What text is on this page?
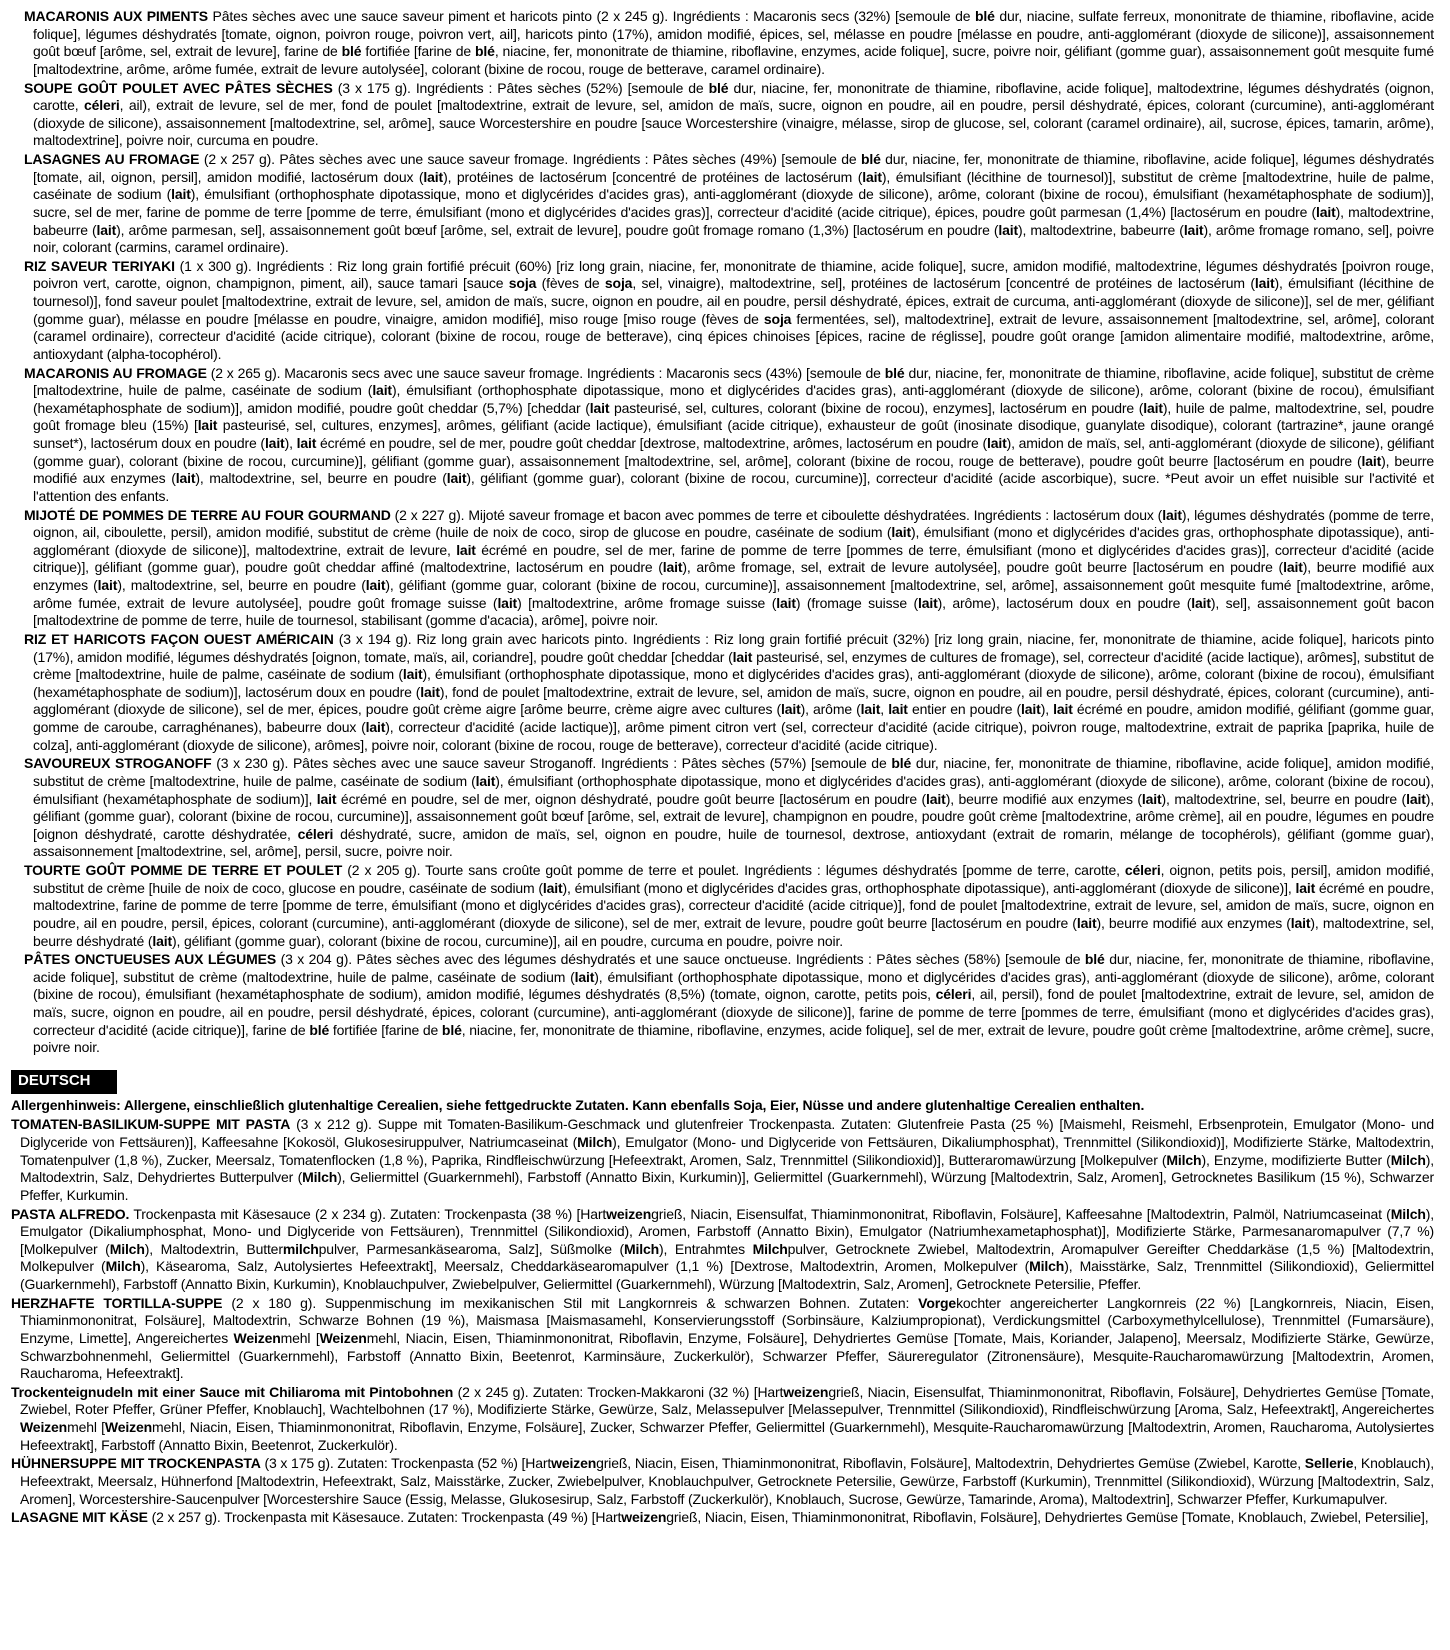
MACARONIS AUX PIMENTS Pâtes sèches avec une sauce saveur piment et haricots pinto (2 x 245 g). Ingrédients : Macaronis secs (32%) [semoule de blé dur, niacine, sulfate ferreux, mononitrate de thiamine, riboflavine, acide folique], légumes déshydratés [tomate, oignon, poivron rouge, poivron vert, ail], haricots pinto (17%), amidon modifié, épices, sel, mélasse en poudre [mélasse en poudre, anti-agglomérant (dioxyde de silicone)], assaisonnement goût bœuf [arôme, sel, extrait de levure], farine de blé fortifiée [farine de blé, niacine, fer, mononitrate de thiamine, riboflavine, enzymes, acide folique], sucre, poivre noir, gélifiant (gomme guar), assaisonnement goût mesquite fumé [maltodextrine, arôme, arôme fumée, extrait de levure autolysée], colorant (bixine de rocou, rouge de betterave, caramel ordinaire).

SOUPE GOÛT POULET AVEC PÂTES SÈCHES (3 x 175 g). Ingrédients : Pâtes sèches (52%) [semoule de blé dur, niacine, fer, mononitrate de thiamine, riboflavine, acide folique], maltodextrine, légumes déshydratés (oignon, carotte, céleri, ail), extrait de levure, sel de mer, fond de poulet [maltodextrine, extrait de levure, sel, amidon de maïs, sucre, oignon en poudre, ail en poudre, persil déshydraté, épices, colorant (curcumine), anti-agglomérant (dioxyde de silicone), assaisonnement [maltodextrine, sel, arôme], sauce Worcestershire en poudre [sauce Worcestershire (vinaigre, mélasse, sirop de glucose, sel, colorant (caramel ordinaire), ail, sucrose, épices, tamarin, arôme), maltodextrine], poivre noir, curcuma en poudre.

LASAGNES AU FROMAGE (2 x 257 g). Pâtes sèches avec une sauce saveur fromage. Ingrédients : Pâtes sèches (49%) [semoule de blé dur, niacine, fer, mononitrate de thiamine, riboflavine, acide folique], légumes déshydratés [tomate, ail, oignon, persil], amidon modifié, lactosérum doux (lait), protéines de lactosérum [concentré de protéines de lactosérum (lait), émulsifiant (lécithine de tournesol)], substitut de crème [maltodextrine, huile de palme, caséinate de sodium (lait), émulsifiant (orthophosphate dipotassique, mono et diglycérides d'acides gras), anti-agglomérant (dioxyde de silicone), arôme, colorant (bixine de rocou), émulsifiant (hexamétaphosphate de sodium)], sucre, sel de mer, farine de pomme de terre [pomme de terre, émulsifiant (mono et diglycérides d'acides gras)], correcteur d'acidité (acide citrique), épices, poudre goût parmesan (1,4%) [lactosérum en poudre (lait), maltodextrine, babeurre (lait), arôme parmesan, sel], assaisonnement goût bœuf [arôme, sel, extrait de levure], poudre goût fromage romano (1,3%) [lactosérum en poudre (lait), maltodextrine, babeurre (lait), arôme fromage romano, sel], poivre noir, colorant (carmins, caramel ordinaire).

RIZ SAVEUR TERIYAKI (1 x 300 g). Ingrédients : Riz long grain fortifié précuit (60%) [riz long grain, niacine, fer, mononitrate de thiamine, acide folique], sucre, amidon modifié, maltodextrine, légumes déshydratés [poivron rouge, poivron vert, carotte, oignon, champignon, piment, ail), sauce tamari [sauce soja (fèves de soja, sel, vinaigre), maltodextrine, sel], protéines de lactosérum [concentré de protéines de lactosérum (lait), émulsifiant (lécithine de tournesol)], fond saveur poulet [maltodextrine, extrait de levure, sel, amidon de maïs, sucre, oignon en poudre, ail en poudre, persil déshydraté, épices, extrait de curcuma, anti-agglomérant (dioxyde de silicone)], sel de mer, gélifiant (gomme guar), mélasse en poudre [mélasse en poudre, vinaigre, amidon modifié], miso rouge [miso rouge (fèves de soja fermentées, sel), maltodextrine], extrait de levure, assaisonnement [maltodextrine, sel, arôme], colorant (caramel ordinaire), correcteur d'acidité (acide citrique), colorant (bixine de rocou, rouge de betterave), cinq épices chinoises [épices, racine de réglisse], poudre goût orange [amidon alimentaire modifié, maltodextrine, arôme, antioxydant (alpha-tocophérol).

MACARONIS AU FROMAGE (2 x 265 g). Macaronis secs avec une sauce saveur fromage. Ingrédients : Macaronis secs (43%) [semoule de blé dur, niacine, fer, mononitrate de thiamine, riboflavine, acide folique], substitut de crème [maltodextrine, huile de palme, caséinate de sodium (lait), émulsifiant (orthophosphate dipotassique, mono et diglycérides d'acides gras), anti-agglomérant (dioxyde de silicone), arôme, colorant (bixine de rocou), émulsifiant (hexamétaphosphate de sodium)], amidon modifié, poudre goût cheddar (5,7%) [cheddar (lait pasteurisé, sel, cultures, colorant (bixine de rocou), enzymes], lactosérum en poudre (lait), huile de palme, maltodextrine, sel, poudre goût fromage bleu (15%) [lait pasteurisé, sel, cultures, enzymes], arômes, gélifiant (acide lactique), émulsifiant (acide citrique), exhausteur de goût (inosinate disodique, guanylate disodique), colorant (tartrazine*, jaune orangé sunset*), lactosérum doux en poudre (lait), lait écrémé en poudre, sel de mer, poudre goût cheddar [dextrose, maltodextrine, arômes, lactosérum en poudre (lait), amidon de maïs, sel, anti-agglomérant (dioxyde de silicone), gélifiant (gomme guar), colorant (bixine de rocou, curcumine)], gélifiant (gomme guar), assaisonnement [maltodextrine, sel, arôme], colorant (bixine de rocou, rouge de betterave), poudre goût beurre [lactosérum en poudre (lait), beurre modifié aux enzymes (lait), maltodextrine, sel, beurre en poudre (lait), gélifiant (gomme guar), colorant (bixine de rocou, curcumine)], correcteur d'acidité (acide ascorbique), sucre. *Peut avoir un effet nuisible sur l'activité et l'attention des enfants.

MIJOTÉ DE POMMES DE TERRE AU FOUR GOURMAND (2 x 227 g). Mijoté saveur fromage et bacon avec pommes de terre et ciboulette déshydratées. Ingrédients : lactosérum doux (lait), légumes déshydratés (pomme de terre, oignon, ail, ciboulette, persil), amidon modifié, substitut de crème (huile de noix de coco, sirop de glucose en poudre, caséinate de sodium (lait), émulsifiant (mono et diglycérides d'acides gras, orthophosphate dipotassique), anti-agglomérant (dioxyde de silicone)], maltodextrine, extrait de levure, lait écrémé en poudre, sel de mer, farine de pomme de terre [pommes de terre, émulsifiant (mono et diglycérides d'acides gras)], correcteur d'acidité (acide citrique)], gélifiant (gomme guar), poudre goût cheddar affiné (maltodextrine, lactosérum en poudre (lait), arôme fromage, sel, extrait de levure autolysée], poudre goût beurre [lactosérum en poudre (lait), beurre modifié aux enzymes (lait), maltodextrine, sel, beurre en poudre (lait), gélifiant (gomme guar, colorant (bixine de rocou, curcumine)], assaisonnement [maltodextrine, sel, arôme], assaisonnement goût mesquite fumé [maltodextrine, arôme, arôme fumée, extrait de levure autolysée], poudre goût fromage suisse (lait) [maltodextrine, arôme fromage suisse (lait) (fromage suisse (lait), arôme), lactosérum doux en poudre (lait), sel], assaisonnement goût bacon [maltodextrine de pomme de terre, huile de tournesol, stabilisant (gomme d'acacia), arôme], poivre noir.

RIZ ET HARICOTS FAÇON OUEST AMÉRICAIN (3 x 194 g). Riz long grain avec haricots pinto. Ingrédients : Riz long grain fortifié précuit (32%) [riz long grain, niacine, fer, mononitrate de thiamine, acide folique], haricots pinto (17%), amidon modifié, légumes déshydratés [oignon, tomate, maïs, ail, coriandre], poudre goût cheddar [cheddar (lait pasteurisé, sel, enzymes de cultures de fromage), sel, correcteur d'acidité (acide lactique), arômes], substitut de crème [maltodextrine, huile de palme, caséinate de sodium (lait), émulsifiant (orthophosphate dipotassique, mono et diglycérides d'acides gras), anti-agglomérant (dioxyde de silicone), arôme, colorant (bixine de rocou), émulsifiant (hexamétaphosphate de sodium)], lactosérum doux en poudre (lait), fond de poulet [maltodextrine, extrait de levure, sel, amidon de maïs, sucre, oignon en poudre, ail en poudre, persil déshydraté, épices, colorant (curcumine), anti-agglomérant (dioxyde de silicone), sel de mer, épices, poudre goût crème aigre [arôme beurre, crème aigre avec cultures (lait), arôme (lait, lait entier en poudre (lait), lait écrémé en poudre, amidon modifié, gélifiant (gomme guar, gomme de caroube, carraghénanes), babeurre doux (lait), correcteur d'acidité (acide lactique)], arôme piment citron vert (sel, correcteur d'acidité (acide citrique), poivron rouge, maltodextrine, extrait de paprika [paprika, huile de colza], anti-agglomérant (dioxyde de silicone), arômes], poivre noir, colorant (bixine de rocou, rouge de betterave), correcteur d'acidité (acide citrique).

SAVOUREUX STROGANOFF (3 x 230 g). Pâtes sèches avec une sauce saveur Stroganoff. Ingrédients : Pâtes sèches (57%) [semoule de blé dur, niacine, fer, mononitrate de thiamine, riboflavine, acide folique], amidon modifié, substitut de crème [maltodextrine, huile de palme, caséinate de sodium (lait), émulsifiant (orthophosphate dipotassique, mono et diglycérides d'acides gras), anti-agglomérant (dioxyde de silicone), arôme, colorant (bixine de rocou), émulsifiant (hexamétaphosphate de sodium)], lait écrémé en poudre, sel de mer, oignon déshydraté, poudre goût beurre [lactosérum en poudre (lait), beurre modifié aux enzymes (lait), maltodextrine, sel, beurre en poudre (lait), gélifiant (gomme guar), colorant (bixine de rocou, curcumine)], assaisonnement goût bœuf [arôme, sel, extrait de levure], champignon en poudre, poudre goût crème [maltodextrine, arôme crème], ail en poudre, légumes en poudre [oignon déshydraté, carotte déshydratée, céleri déshydraté, sucre, amidon de maïs, sel, oignon en poudre, huile de tournesol, dextrose, antioxydant (extrait de romarin, mélange de tocophérols), gélifiant (gomme guar), assaisonnement [maltodextrine, sel, arôme], persil, sucre, poivre noir.

TOURTE GOÛT POMME DE TERRE ET POULET (2 x 205 g). Tourte sans croûte goût pomme de terre et poulet. Ingrédients : légumes déshydratés [pomme de terre, carotte, céleri, oignon, petits pois, persil], amidon modifié, substitut de crème [huile de noix de coco, glucose en poudre, caséinate de sodium (lait), émulsifiant (mono et diglycérides d'acides gras, orthophosphate dipotassique), anti-agglomérant (dioxyde de silicone)], lait écrémé en poudre, maltodextrine, farine de pomme de terre [pomme de terre, émulsifiant (mono et diglycérides d'acides gras), correcteur d'acidité (acide citrique)], fond de poulet [maltodextrine, extrait de levure, sel, amidon de maïs, sucre, oignon en poudre, ail en poudre, persil, épices, colorant (curcumine), anti-agglomérant (dioxyde de silicone), sel de mer, extrait de levure, poudre goût beurre [lactosérum en poudre (lait), beurre modifié aux enzymes (lait), maltodextrine, sel, beurre déshydraté (lait), gélifiant (gomme guar), colorant (bixine de rocou, curcumine)], ail en poudre, curcuma en poudre, poivre noir.

PÂTES ONCTUEUSES AUX LÉGUMES (3 x 204 g). Pâtes sèches avec des légumes déshydratés et une sauce onctueuse. Ingrédients : Pâtes sèches (58%) [semoule de blé dur, niacine, fer, mononitrate de thiamine, riboflavine, acide folique], substitut de crème (maltodextrine, huile de palme, caséinate de sodium (lait), émulsifiant (orthophosphate dipotassique, mono et diglycérides d'acides gras), anti-agglomérant (dioxyde de silicone), arôme, colorant (bixine de rocou), émulsifiant (hexamétaphosphate de sodium), amidon modifié, légumes déshydratés (8,5%) (tomate, oignon, carotte, petits pois, céleri, ail, persil), fond de poulet [maltodextrine, extrait de levure, sel, amidon de maïs, sucre, oignon en poudre, ail en poudre, persil déshydraté, épices, colorant (curcumine), anti-agglomérant (dioxyde de silicone)], farine de pomme de terre [pommes de terre, émulsifiant (mono et diglycérides d'acides gras), correcteur d'acidité (acide citrique)], farine de blé fortifiée [farine de blé, niacine, fer, mononitrate de thiamine, riboflavine, enzymes, acide folique], sel de mer, extrait de levure, poudre goût crème [maltodextrine, arôme crème], sucre, poivre noir.

DEUTSCH

Allergenhinweis: Allergene, einschließlich glutenhaltige Cerealien, siehe fettgedruckte Zutaten. Kann ebenfalls Soja, Eier, Nüsse und andere glutenhaltige Cerealien enthalten.

TOMATEN-BASILIKUM-SUPPE MIT PASTA (3 x 212 g). Suppe mit Tomaten-Basilikum-Geschmack und glutenfreier Trockenpasta. Zutaten: Glutenfreie Pasta (25 %) [Maismehl, Reismehl, Erbsenprotein, Emulgator (Mono- und Diglyceride von Fettsäuren)], Kaffeesahne [Kokosöl, Glukosesiruppulver, Natriumcaseinat (Milch), Emulgator (Mono- und Diglyceride von Fettsäuren, Dikaliumphosphat), Trennmittel (Silikondioxid)], Modifizierte Stärke, Maltodextrin, Tomatenpulver (1,8 %), Zucker, Meersalz, Tomatenflocken (1,8 %), Paprika, Rindfleischwürzung [Hefeextrakt, Aromen, Salz, Trennmittel (Silikondioxid)], Butteraromawürzung [Molkepulver (Milch), Enzyme, modifizierte Butter (Milch), Maltodextrin, Salz, Dehydriertes Butterpulver (Milch), Geliermittel (Guarkernmehl), Farbstoff (Annatto Bixin, Kurkumin)], Geliermittel (Guarkernmehl), Würzung [Maltodextrin, Salz, Aromen], Getrocknetes Basilikum (15 %), Schwarzer Pfeffer, Kurkumin.

PASTA ALFREDO. Trockenpasta mit Käsesauce (2 x 234 g). Zutaten: Trockenpasta (38 %) [Hartweizengrieß, Niacin, Eisensulfat, Thiaminmononitrat, Riboflavin, Folsäure], Kaffeesahne [Maltodextrin, Palmöl, Natriumcaseinat (Milch), Emulgator (Dikaliumphosphat, Mono- und Diglyceride von Fettsäuren), Trennmittel (Silikondioxid), Aromen, Farbstoff (Annatto Bixin), Emulgator (Natriumhexametaphosphat)], Modifizierte Stärke, Parmesanaromapulver (7,7 %) [Molkepulver (Milch), Maltodextrin, Buttermilchpulver, Parmesankäsearoma, Salz], Süßmolke (Milch), Entrahmtes Milchpulver, Getrocknete Zwiebel, Maltodextrin, Aromapulver Gereifter Cheddarkäse (1,5 %) [Maltodextrin, Molkepulver (Milch), Käsearoma, Salz, Autolysiertes Hefeextrakt], Meersalz, Cheddarkäsearomapulver (1,1 %) [Dextrose, Maltodextrin, Aromen, Molkepulver (Milch), Maisstärke, Salz, Trennmittel (Silikondioxid), Geliermittel (Guarkernmehl), Farbstoff (Annatto Bixin, Kurkumin), Knoblauchpulver, Zwiebelpulver, Geliermittel (Guarkernmehl), Würzung [Maltodextrin, Salz, Aromen], Getrocknete Petersilie, Pfeffer.

HERZHAFTE TORTILLA-SUPPE (2 x 180 g). Suppenmischung im mexikanischen Stil mit Langkornreis & schwarzen Bohnen. Zutaten: Vorgekochter angereicherter Langkornreis (22 %) [Langkornreis, Niacin, Eisen, Thiaminmononitrat, Folsäure], Maltodextrin, Schwarze Bohnen (19 %), Maismasa [Maismasamehl, Konservierungsstoff (Sorbinsäure, Kalziumpropionat), Verdickungsmittel (Carboxymethylcellulose), Trennmittel (Fumarsäure), Enzyme, Limette], Angereichertes Weizenmehl [Weizenmehl, Niacin, Eisen, Thiaminmononitrat, Riboflavin, Enzyme, Folsäure], Dehydriertes Gemüse [Tomate, Mais, Koriander, Jalapeno], Meersalz, Modifizierte Stärke, Gewürze, Schwarzbohnenmehl, Geliermittel (Guarkernmehl), Farbstoff (Annatto Bixin, Beetenrot, Karminsäure, Zuckerkulör), Schwarzer Pfeffer, Säureregulator (Zitronensäure), Mesquite-Raucharomawürzung [Maltodextrin, Aromen, Raucharoma, Hefeextrakt].

Trockenteignudeln mit einer Sauce mit Chiliaroma mit Pintobohnen (2 x 245 g). Zutaten: Trocken-Makkaroni (32 %) [Hartweizengrieß, Niacin, Eisensulfat, Thiaminmononitrat, Riboflavin, Folsäure], Dehydriertes Gemüse [Tomate, Zwiebel, Roter Pfeffer, Grüner Pfeffer, Knoblauch], Wachtelbohnen (17 %), Modifizierte Stärke, Gewürze, Salz, Melassepulver [Melassepulver, Trennmittel (Silikondioxid), Rindfleischwürzung [Aroma, Salz, Hefeextrakt], Angereichertes Weizenmehl [Weizenmehl, Niacin, Eisen, Thiaminmononitrat, Riboflavin, Enzyme, Folsäure], Zucker, Schwarzer Pfeffer, Geliermittel (Guarkernmehl), Mesquite-Raucharomawürzung [Maltodextrin, Aromen, Raucharoma, Autolysiertes Hefeextrakt], Farbstoff (Annatto Bixin, Beetenrot, Zuckerkulör).

HÜHNERSUPPE MIT TROCKENPASTA (3 x 175 g). Zutaten: Trockenpasta (52 %) [Hartweizengrieß, Niacin, Eisen, Thiaminmononitrat, Riboflavin, Folsäure], Maltodextrin, Dehydriertes Gemüse (Zwiebel, Karotte, Sellerie, Knoblauch), Hefeextrakt, Meersalz, Hühnerfond [Maltodextrin, Hefeextrakt, Salz, Maisstärke, Zucker, Zwiebelpulver, Knoblauchpulver, Getrocknete Petersilie, Gewürze, Farbstoff (Kurkumin), Trennmittel (Silikondioxid), Würzung [Maltodextrin, Salz, Aromen], Worcestershire-Saucenpulver [Worcestershire Sauce (Essig, Melasse, Glukosesirup, Salz, Farbstoff (Zuckerkulör), Knoblauch, Sucrose, Gewürze, Tamarinde, Aroma), Maltodextrin], Schwarzer Pfeffer, Kurkumapulver.

LASAGNE MIT KÄSE (2 x 257 g). Trockenpasta mit Käsesauce. Zutaten: Trockenpasta (49 %) [Hartweizengrieß, Niacin, Eisen, Thiaminmononitrat, Riboflavin, Folsäure], Dehydriertes Gemüse [Tomate, Knoblauch, Zwiebel, Petersilie],
